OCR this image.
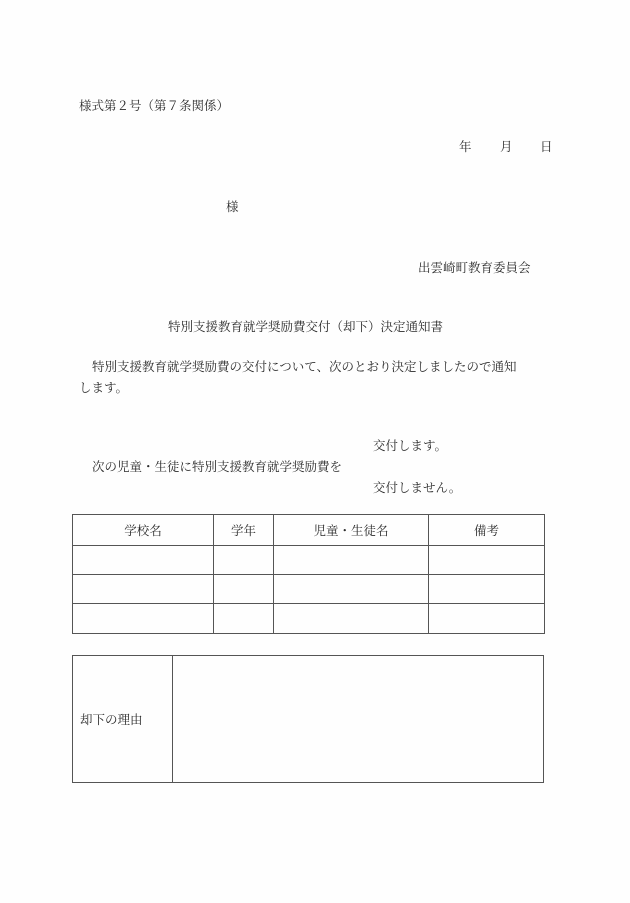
様式第２号（第７条関係）
年 月 日
様
出雲崎町教育委員会
特別支援教育就学奨励費交付（却下）決定通知書
特別支援教育就学奨励費の交付について、次のとおり決定しましたので通知
します。
交付します。
次の児童・生徒に特別支援教育就学奨励費を
交付しません。
学校名	学年	児童・生徒名	備考

却下の理由
